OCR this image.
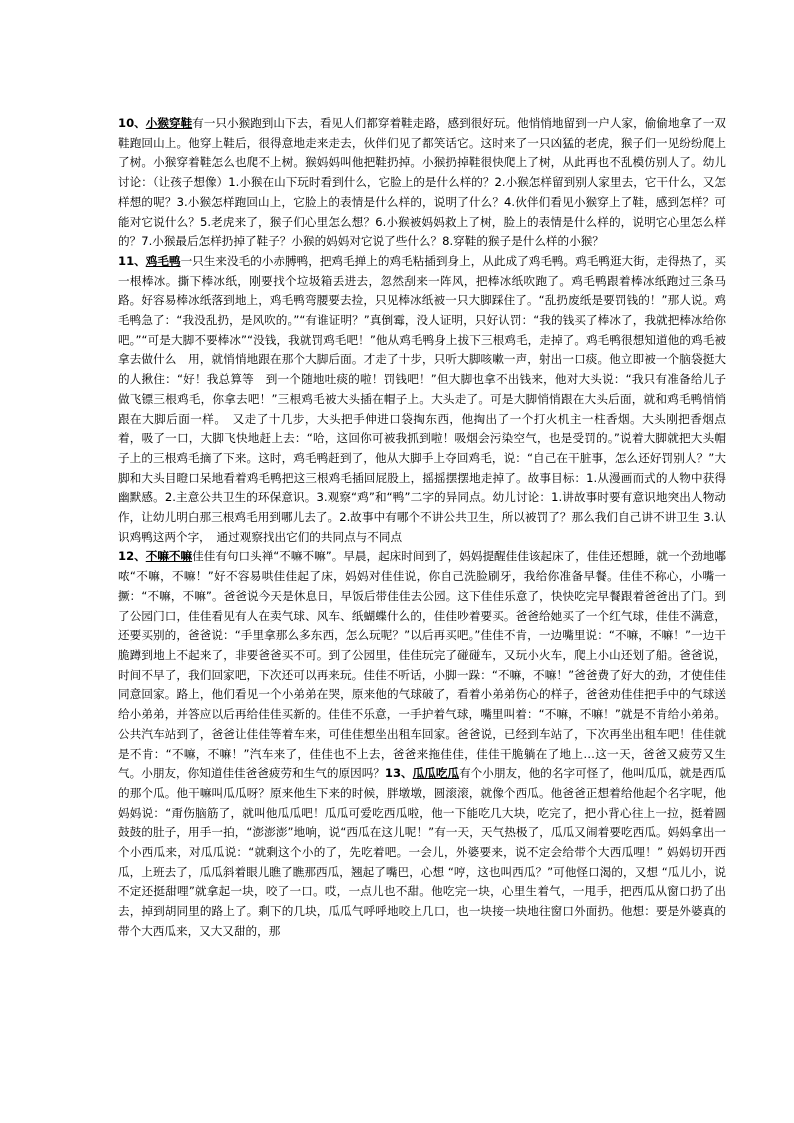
10、小猴穿鞋有一只小猴跑到山下去，看见人们都穿着鞋走路，感到很好玩。他悄悄地留到一户人家，偷偷地拿了一双鞋跑回山上。他穿上鞋后，很得意地走来走去，伙伴们见了都笑话它。这时来了一只凶猛的老虎，猴子们一见纷纷爬上了树。小猴穿着鞋怎么也爬不上树。猴妈妈叫他把鞋扔掉。小猴扔掉鞋很快爬上了树，从此再也不乱模仿别人了。幼儿讨论：（让孩子想像）1.小猴在山下玩时看到什么，它脸上的是什么样的？2.小猴怎样留到别人家里去，它干什么，又怎样想的呢？3.小猴怎样跑回山上，它脸上的表情是什么样的，说明了什么？4.伙伴们看见小猴穿上了鞋，感到怎样？可能对它说什么？5.老虎来了，猴子们心里怎么想？6.小猴被妈妈救上了树，脸上的表情是什么样的，说明它心里怎么样的？7.小猴最后怎样扔掉了鞋子？小猴的妈妈对它说了些什么？8.穿鞋的猴子是什么样的小猴？

11、鸡毛鸭一只生来没毛的小赤膊鸭，把鸡毛掸上的鸡毛粘插到身上，从此成了鸡毛鸭。鸡毛鸭逛大街，走得热了，买一根棒冰。撕下棒冰纸，刚要找个垃圾箱丢进去，忽然刮来一阵风，把棒冰纸吹跑了。鸡毛鸭跟着棒冰纸跑过三条马路。好容易棒冰纸落到地上，鸡毛鸭弯腰要去捡，只见棒冰纸被一只大脚踩住了。“乱扔废纸是要罚钱的！”那人说。鸡毛鸭急了：“我没乱扔，是风吹的。”“有谁证明？”真倒霉，没人证明，只好认罚：“我的钱买了棒冰了，我就把棒冰给你吧。”“可是大脚不要棒冰”“没钱，我就罚鸡毛吧！”他从鸡毛鸭身上拔下三根鸡毛，走掉了。鸡毛鸭很想知道他的鸡毛被拿去做什么　用，就悄悄地跟在那个大脚后面。才走了十步，只听大脚咳嗽一声，射出一口痰。他立即被一个脑袋挺大的人揪住：“好！我总算等　到一个随地吐痰的啦！罚钱吧！”但大脚也拿不出钱来，他对大头说：“我只有准备给儿子做飞镖三根鸡毛，你拿去吧！”三根鸡毛被大头插在帽子上。大头走了。可是大脚悄悄跟在大头后面，就和鸡毛鸭悄悄跟在大脚后面一样。　又走了十几步，大头把手伸进口袋掏东西，他掏出了一个打火机主一柱香烟。大头刚把香烟点着，吸了一口，大脚飞快地赶上去：“哈，这回你可被我抓到啦！吸烟会污染空气，也是受罚的。”说着大脚就把大头帽子上的三根鸡毛摘了下来。这时，鸡毛鸭赶到了，他从大脚手上夺回鸡毛，说：“自己在干脏事，怎么还好罚别人？”大脚和大头目瞪口呆地看着鸡毛鸭把这三根鸡毛插回屁股上，摇摇摆摆地走掉了。故事目标：1.从漫画而式的人物中获得幽默感。2.主意公共卫生的环保意识。3.观察“鸡”和“鸭”二字的异同点。幼儿讨论：1.讲故事时要有意识地突出人物动作，让幼儿明白那三根鸡毛用到哪儿去了。2.故事中有哪个不讲公共卫生，所以被罚了？那么我们自己讲不讲卫生 3.认识鸡鸭这两个字，　通过观察找出它们的共同点与不同点

12、不嘛不嘛佳佳有句口头禅“不嘛不嘛”。早晨，起床时间到了，妈妈提醒佳佳该起床了，佳佳还想睡，就一个劲地嘟哝“不嘛，不嘛！”好不容易哄佳佳起了床，妈妈对佳佳说，你自己洗脸刷牙，我给你准备早餐。佳佳不称心，小嘴一撅：“不嘛，不嘛”。爸爸说今天是休息日，早饭后带佳佳去公园。这下佳佳乐意了，快快吃完早餐跟着爸爸出了门。到了公园门口，佳佳看见有人在卖气球、风车、纸蝴蝶什么的，佳佳吵着要买。爸爸给她买了一个红气球，佳佳不满意，还要买别的，爸爸说：“手里拿那么多东西，怎么玩呢？”以后再买吧。”佳佳不肯，一边嘴里说：“不嘛，不嘛！”一边干脆蹲到地上不起来了，非要爸爸买不可。到了公园里，佳佳玩完了碰碰车，又玩小火车，爬上小山还划了船。爸爸说，时间不早了，我们回家吧，下次还可以再来玩。佳佳不听话，小脚一跺：“不嘛，不嘛！”爸爸费了好大的劲，才使佳佳同意回家。路上，他们看见一个小弟弟在哭，原来他的气球破了，看着小弟弟伤心的样子，爸爸劝佳佳把手中的气球送给小弟弟，并答应以后再给佳佳买新的。佳佳不乐意，一手护着气球，嘴里叫着：“不嘛，不嘛！”就是不肯给小弟弟。公共汽车站到了，爸爸让佳佳等着车来，可佳佳想坐出租车回家。爸爸说，已经到车站了，下次再坐出租车吧！佳佳就是不肯：“不嘛，不嘛！”汽车来了，佳佳也不上去，爸爸来拖佳佳，佳佳干脆躺在了地上…这一天，爸爸又疲劳又生气。小朋友，你知道佳佳爸爸疲劳和生气的原因吗？13、瓜瓜吃瓜有个小朋友，他的名字可怪了，他叫瓜瓜，就是西瓜的那个瓜。他干嘛叫瓜瓜呀？原来他生下来的时候，胖墩墩，圆滚滚，就像个西瓜。他爸爸正想着给他起个名字呢，他妈妈说：“甭伤脑筋了，就叫他瓜瓜吧！瓜瓜可爱吃西瓜啦，他一下能吃几大块，吃完了，把小背心往上一拉，挺着圆鼓鼓的肚子，用手一拍，“澎澎澎”地响，说“西瓜在这儿呢！”有一天，天气热极了，瓜瓜又闹着要吃西瓜。妈妈拿出一个小西瓜来，对瓜瓜说：“就剩这个小的了，先吃着吧。一会儿，外婆要来，说不定会给带个大西瓜哩！” 妈妈切开西瓜，上班去了，瓜瓜斜着眼儿瞧了瞧那西瓜，翘起了嘴巴，心想 “哼，这也叫西瓜？”可他怪口渴的，又想 “瓜儿小，说不定还挺甜哩”就拿起一块，咬了一口。哎，一点儿也不甜。他吃完一块，心里生着气，一甩手，把西瓜从窗口扔了出去，掉到胡同里的路上了。剩下的几块，瓜瓜气呼呼地咬上几口，也一块接一块地往窗口外面扔。他想：要是外婆真的带个大西瓜来，又大又甜的，那
